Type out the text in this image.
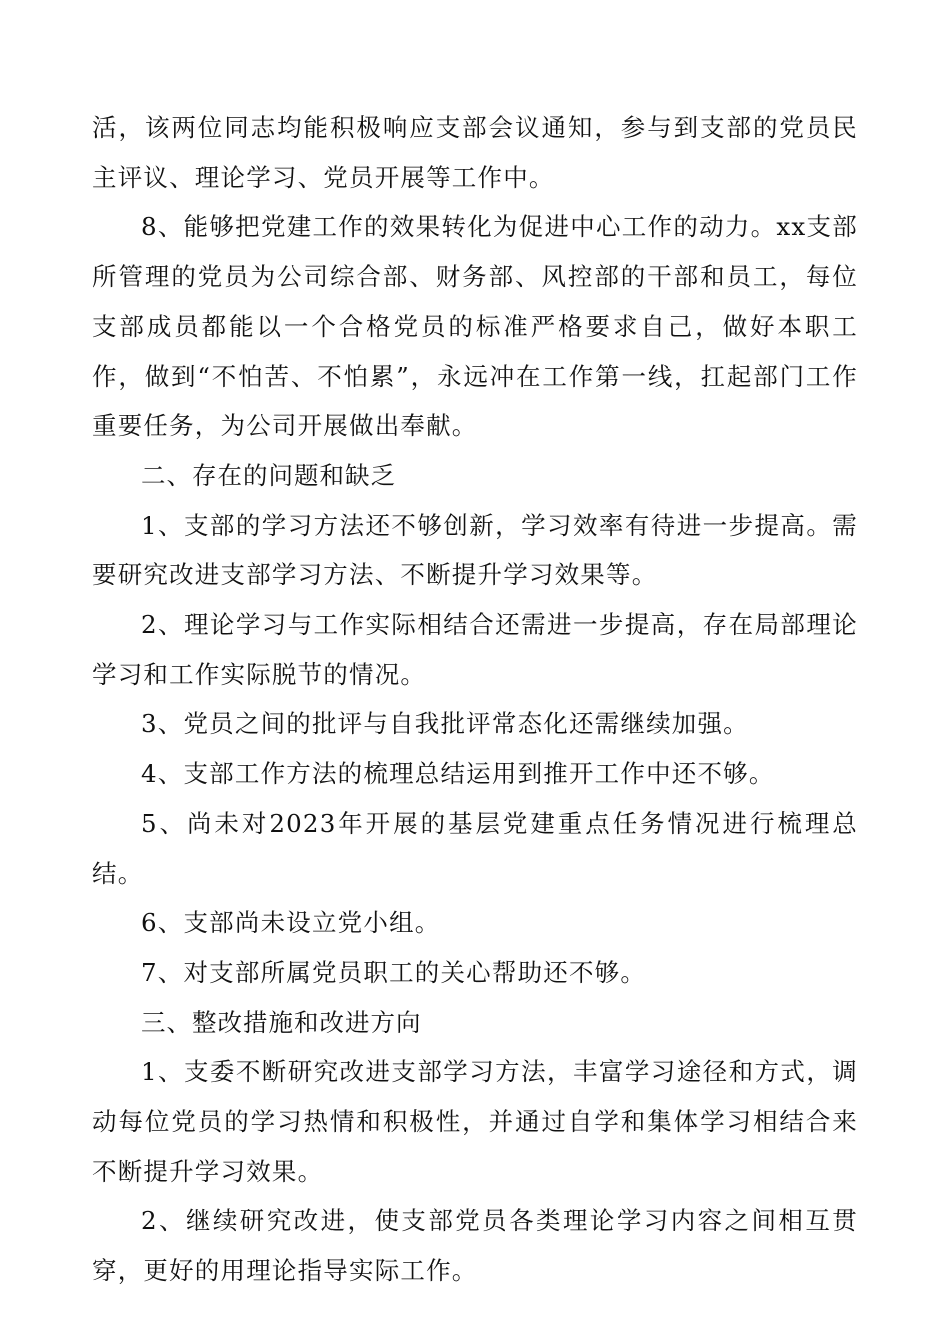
活，该两位同志均能积极响应支部会议通知，参与到支部的党员民主评议、理论学习、党员开展等工作中。

8、能够把党建工作的效果转化为促进中心工作的动力。xx支部所管理的党员为公司综合部、财务部、风控部的干部和员工，每位支部成员都能以一个合格党员的标准严格要求自己，做好本职工作，做到“不怕苦、不怕累”，永远冲在工作第一线，扛起部门工作重要任务，为公司开展做出奉献。

二、存在的问题和缺乏

1、支部的学习方法还不够创新，学习效率有待进一步提高。需要研究改进支部学习方法、不断提升学习效果等。

2、理论学习与工作实际相结合还需进一步提高，存在局部理论学习和工作实际脱节的情况。

3、党员之间的批评与自我批评常态化还需继续加强。

4、支部工作方法的梳理总结运用到推开工作中还不够。

5、尚未对2023年开展的基层党建重点任务情况进行梳理总结。

6、支部尚未设立党小组。

7、对支部所属党员职工的关心帮助还不够。

三、整改措施和改进方向

1、支委不断研究改进支部学习方法，丰富学习途径和方式，调动每位党员的学习热情和积极性，并通过自学和集体学习相结合来不断提升学习效果。

2、继续研究改进，使支部党员各类理论学习内容之间相互贯穿，更好的用理论指导实际工作。
